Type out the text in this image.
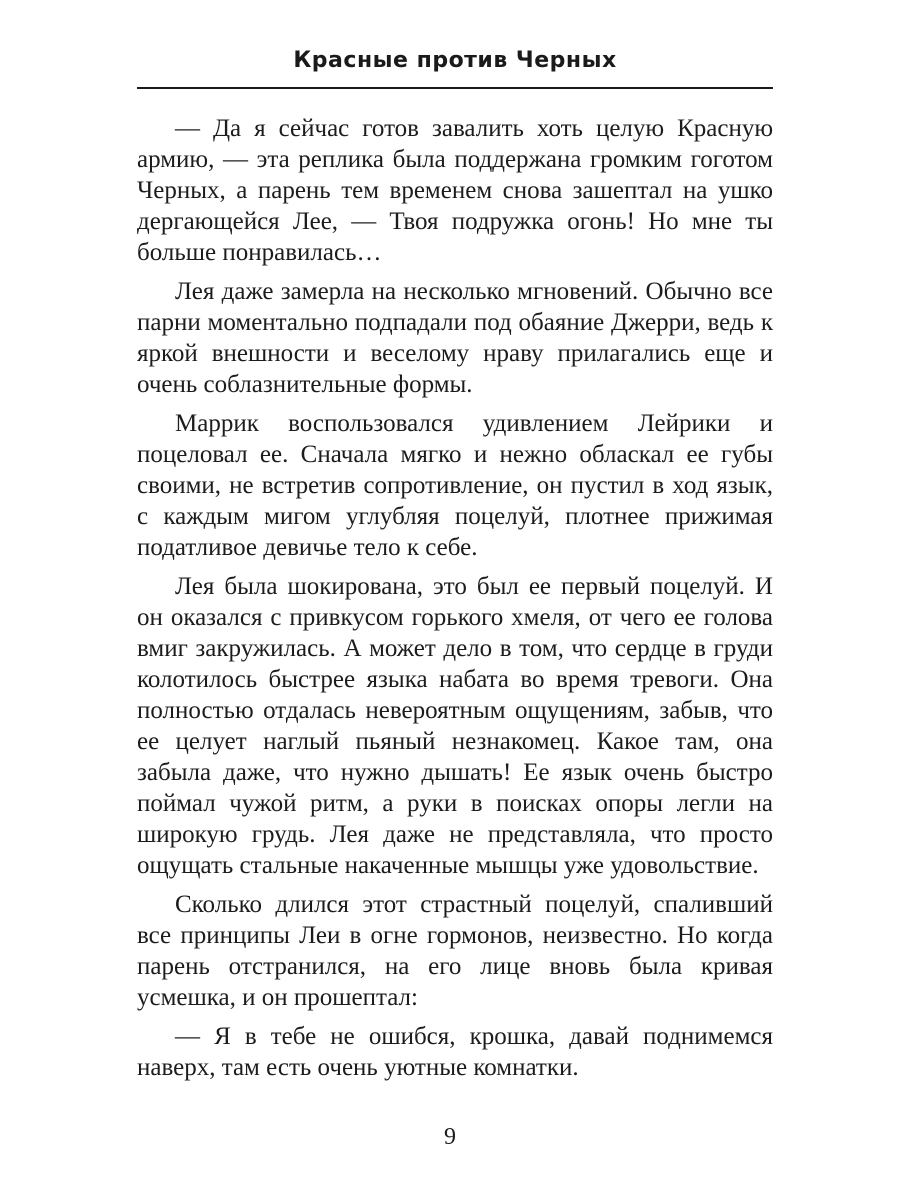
Красные против Черных

— Да я сейчас готов завалить хоть целую Красную армию, — эта реплика была поддержана громким гоготом Черных, а парень тем временем снова зашептал на ушко дергающейся Лее, — Твоя подружка огонь! Но мне ты больше понравилась…

Лея даже замерла на несколько мгновений. Обычно все парни моментально подпадали под обаяние Джерри, ведь к яркой внешности и веселому нраву прилагались еще и очень соблазнительные формы.

Маррик воспользовался удивлением Лейрики и поцеловал ее. Сначала мягко и нежно обласкал ее губы своими, не встретив сопротивление, он пустил в ход язык, с каждым мигом углубляя поцелуй, плотнее прижимая податливое девичье тело к себе.

Лея была шокирована, это был ее первый поцелуй. И он оказался с привкусом горького хмеля, от чего ее голова вмиг закружилась. А может дело в том, что сердце в груди колотилось быстрее языка набата во время тревоги. Она полностью отдалась невероятным ощущениям, забыв, что ее целует наглый пьяный незнакомец. Какое там, она забыла даже, что нужно дышать! Ее язык очень быстро поймал чужой ритм, а руки в поисках опоры легли на широкую грудь. Лея даже не представляла, что просто ощущать стальные накаченные мышцы уже удовольствие.

Сколько длился этот страстный поцелуй, спаливший все принципы Леи в огне гормонов, неизвестно. Но когда парень отстранился, на его лице вновь была кривая усмешка, и он прошептал:

— Я в тебе не ошибся, крошка, давай поднимемся наверх, там есть очень уютные комнатки.

9
